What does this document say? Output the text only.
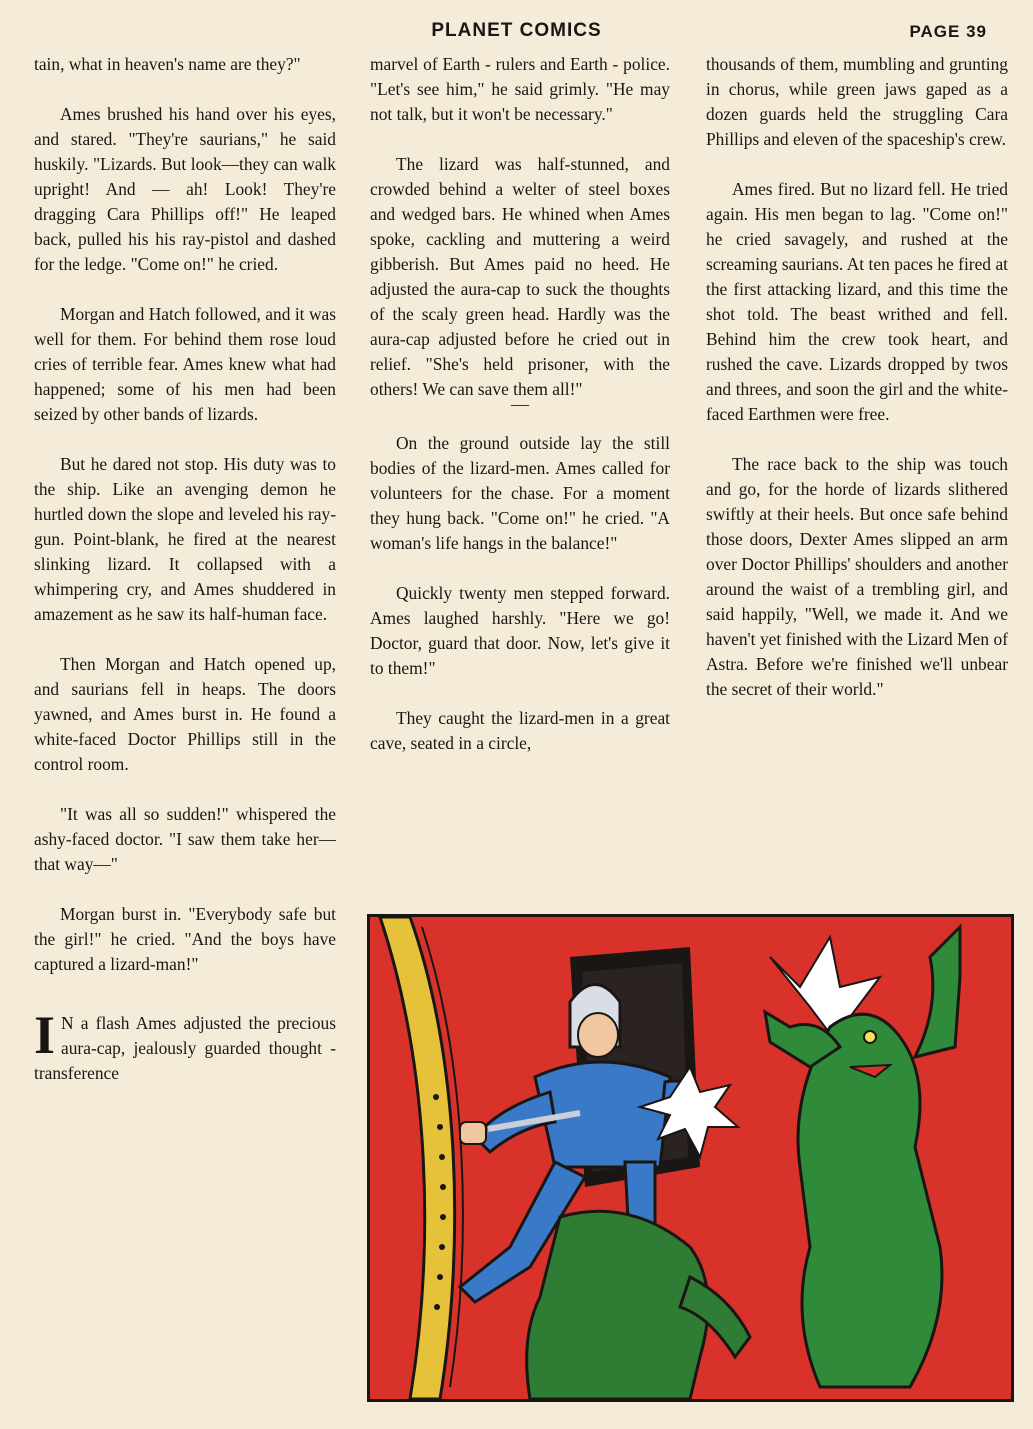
PLANET COMICS	PAGE 39

tain, what in heaven's name are they?"

Ames brushed his hand over his eyes, and stared. "They're saurians," he said huskily. "Lizards. But look—they can walk upright! And — ah! Look! They're dragging Cara Phillips off!" He leaped back, pulled his his ray-pistol and dashed for the ledge. "Come on!" he cried.

Morgan and Hatch followed, and it was well for them. For behind them rose loud cries of terrible fear. Ames knew what had happened; some of his men had been seized by other bands of lizards.

But he dared not stop. His duty was to the ship. Like an avenging demon he hurtled down the slope and leveled his ray-gun. Point-blank, he fired at the nearest slinking lizard. It collapsed with a whimpering cry, and Ames shuddered in amazement as he saw its half-human face.

Then Morgan and Hatch opened up, and saurians fell in heaps. The doors yawned, and Ames burst in. He found a white-faced Doctor Phillips still in the control room.

"It was all so sudden!" whispered the ashy-faced doctor. "I saw them take her—that way—"

Morgan burst in. "Everybody safe but the girl!" he cried. "And the boys have captured a lizard-man!"

I N a flash Ames adjusted the precious aura-cap, jealously guarded thought - transference

marvel of Earth - rulers and Earth - police. "Let's see him," he said grimly. "He may not talk, but it won't be necessary."

The lizard was half-stunned, and crowded behind a welter of steel boxes and wedged bars. He whined when Ames spoke, cackling and muttering a weird gibberish. But Ames paid no heed. He adjusted the aura-cap to suck the thoughts of the scaly green head. Hardly was the aura-cap adjusted before he cried out in relief. "She's held prisoner, with the others! We can save them all!"

—

On the ground outside lay the still bodies of the lizard-men. Ames called for volunteers for the chase. For a moment they hung back. "Come on!" he cried. "A woman's life hangs in the balance!"

Quickly twenty men stepped forward. Ames laughed harshly. "Here we go! Doctor, guard that door. Now, let's give it to them!"

They caught the lizard-men in a great cave, seated in a circle,

thousands of them, mumbling and grunting in chorus, while green jaws gaped as a dozen guards held the struggling Cara Phillips and eleven of the spaceship's crew.

Ames fired. But no lizard fell. He tried again. His men began to lag. "Come on!" he cried savagely, and rushed at the screaming saurians. At ten paces he fired at the first attacking lizard, and this time the shot told. The beast writhed and fell. Behind him the crew took heart, and rushed the cave. Lizards dropped by twos and threes, and soon the girl and the white-faced Earthmen were free.

The race back to the ship was touch and go, for the horde of lizards slithered swiftly at their heels. But once safe behind those doors, Dexter Ames slipped an arm over Doctor Phillips' shoulders and another around the waist of a trembling girl, and said happily, "Well, we made it. And we haven't yet finished with the Lizard Men of Astra. Before we're finished we'll unbear the secret of their world."
